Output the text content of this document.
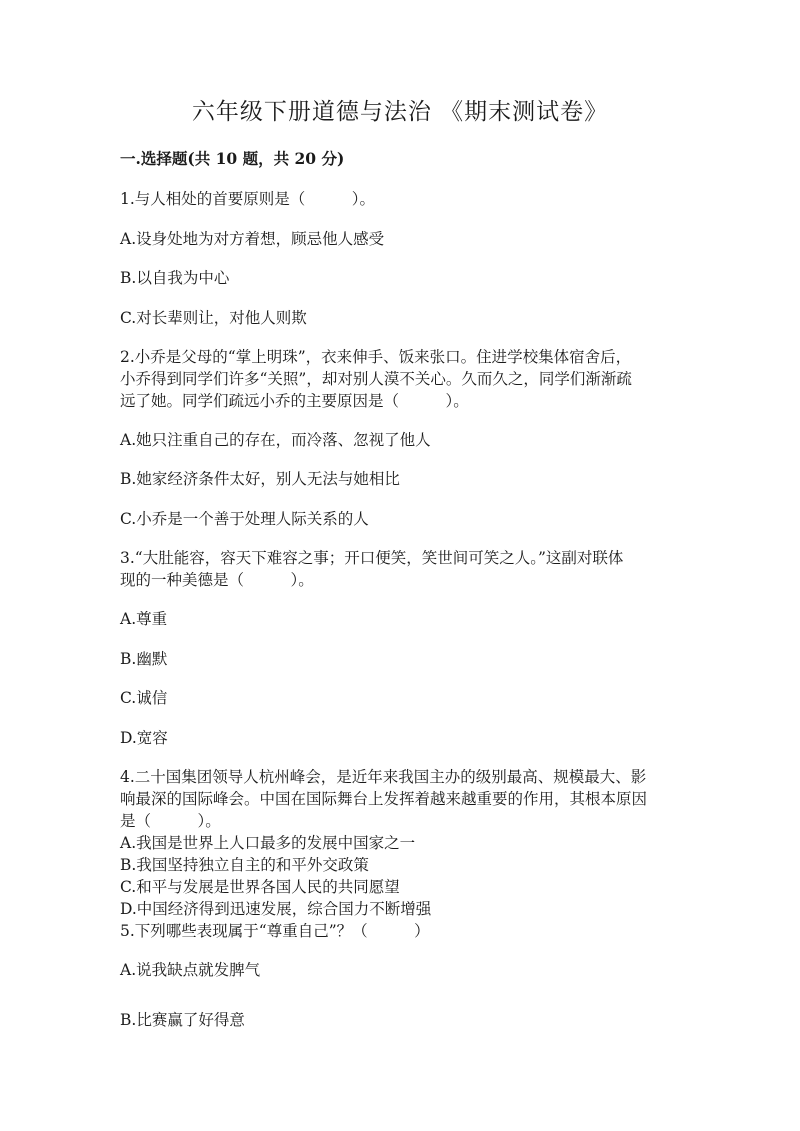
六年级下册道德与法治 《期末测试卷》
一.选择题(共 10 题，共 20 分)
1.与人相处的首要原则是（　　　）。
A.设身处地为对方着想，顾忌他人感受
B.以自我为中心
C.对长辈则让，对他人则欺
2.小乔是父母的“掌上明珠”，衣来伸手、饭来张口。住进学校集体宿舍后，
小乔得到同学们许多“关照”，却对别人漠不关心。久而久之，同学们渐渐疏
远了她。同学们疏远小乔的主要原因是（　　　）。
A.她只注重自己的存在，而冷落、忽视了他人
B.她家经济条件太好，别人无法与她相比
C.小乔是一个善于处理人际关系的人
3.“大肚能容，容天下难容之事；开口便笑，笑世间可笑之人。”这副对联体
现的一种美德是（　　　）。
A.尊重
B.幽默
C.诚信
D.宽容
4.二十国集团领导人杭州峰会，是近年来我国主办的级别最高、规模最大、影
响最深的国际峰会。中国在国际舞台上发挥着越来越重要的作用，其根本原因
是（　　　）。
A.我国是世界上人口最多的发展中国家之一
B.我国坚持独立自主的和平外交政策
C.和平与发展是世界各国人民的共同愿望
D.中国经济得到迅速发展，综合国力不断增强
5.下列哪些表现属于“尊重自己”？（　　　）
A.说我缺点就发脾气
B.比赛赢了好得意
